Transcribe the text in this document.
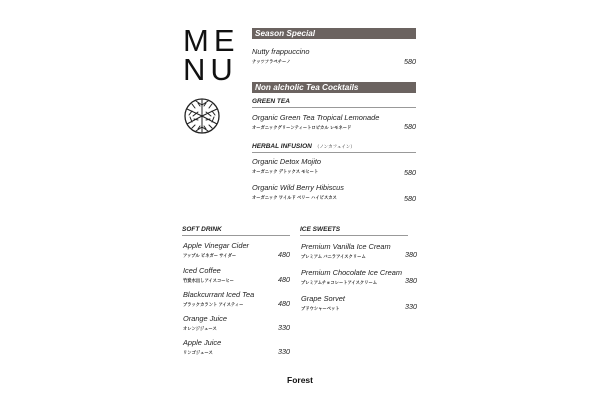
ME
NU
Season Special
Nutty frappuccino
ナッツフラペチーノ	580
Non alcholic Tea Cocktails
GREEN TEA
Organic Green Tea Tropical Lemonade
オーガニックグリーンティートロピカル レモネード	580
HERBAL INFUSION （ノンカフェイン）
Organic Detox Mojito
オーガニック デトックス モヒート	580
Organic Wild Berry Hibiscus
オーガニック ワイルド ベリー ハイビスカス	580
SOFT DRINK
Apple Vinegar Cider
アップル ビネガー サイダー	480
Iced Coffee
竹炭水出しアイスコーヒー	480
Blackcurrant Iced Tea
ブラックカラント アイスティー	480
Orange Juice
オレンジジュース	330
Apple Juice
リンゴジュース	330
ICE SWEETS
Premium Vanilla Ice Cream
プレミアム バニラアイスクリーム	380
Premium Chocolate Ice Cream
プレミアムチョコレートアイスクリーム	380
Grape Sorvet
ブドウシャーベット	330
Forest
